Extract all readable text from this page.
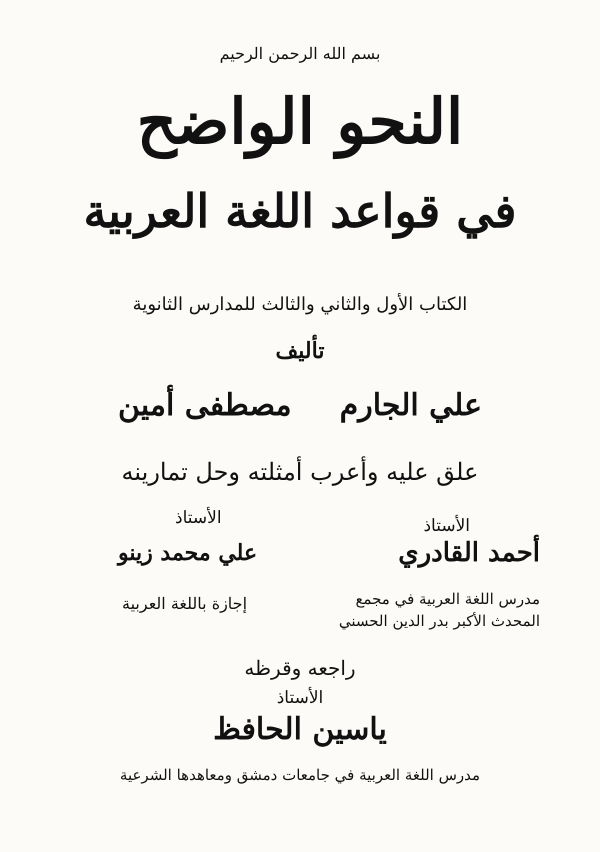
بسم الله الرحمن الرحيم
النحو الواضح
في قواعد اللغة العربية
الكتاب الأول والثاني والثالث للمدارس الثانوية
تأليف
علي الجارم
مصطفى أمين
علق عليه وأعرب أمثلته وحل تمارينه
الأستاذ
أحمد القادري
مدرس اللغة العربية في مجمع
المحدث الأكبر بدر الدين الحسني
الأستاذ
علي محمد زينو
إجازة باللغة العربية
راجعه وقرظه
الأستاذ
ياسين الحافظ
مدرس اللغة العربية في جامعات دمشق ومعاهدها الشرعية
